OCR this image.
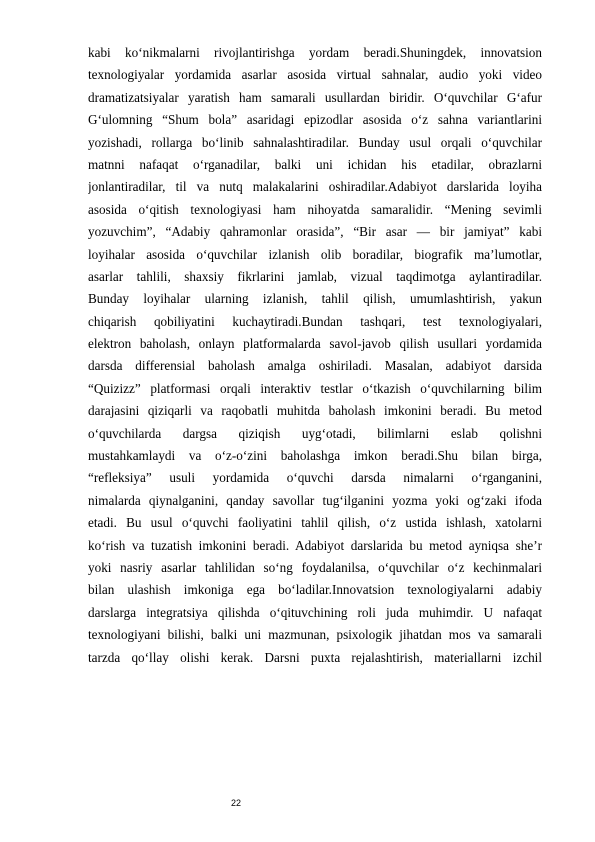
kabi ko‘nikmalarni rivojlantirishga yordam beradi.Shuningdek, innovatsion
texnologiyalar yordamida asarlar asosida virtual sahnalar, audio yoki video
dramatizatsiyalar yaratish ham samarali usullardan biridir. O‘quvchilar G‘afur
G‘ulomning “Shum bola” asaridagi epizodlar asosida o‘z sahna variantlarini
yozishadi, rollarga bo‘linib sahnalashtiradilar. Bunday usul orqali o‘quvchilar
matnni nafaqat o‘rganadilar, balki uni ichidan his etadilar, obrazlarni
jonlantiradilar, til va nutq malakalarini oshiradilar.Adabiyot darslarida loyiha
asosida o‘qitish texnologiyasi ham nihoyatda samaralidir. “Mening sevimli
yozuvchim”, “Adabiy qahramonlar orasida”, “Bir asar — bir jamiyat” kabi
loyihalar asosida o‘quvchilar izlanish olib boradilar, biografik ma’lumotlar,
asarlar tahlili, shaxsiy fikrlarini jamlab, vizual taqdimotga aylantiradilar.
Bunday loyihalar ularning izlanish, tahlil qilish, umumlashtirish, yakun
chiqarish qobiliyatini kuchaytiradi.Bundan tashqari, test texnologiyalari,
elektron baholash, onlayn platformalarda savol-javob qilish usullari yordamida
darsda differensial baholash amalga oshiriladi. Masalan, adabiyot darsida
“Quizizz” platformasi orqali interaktiv testlar o‘tkazish o‘quvchilarning bilim
darajasini qiziqarli va raqobatli muhitda baholash imkonini beradi. Bu metod
o‘quvchilarda dargsa qiziqish uyg‘otadi, bilimlarni eslab qolishni
mustahkamlaydi va o‘z-o‘zini baholashga imkon beradi.Shu bilan birga,
“refleksiya” usuli yordamida o‘quvchi darsda nimalarni o‘rganganini,
nimalarda qiynalganini, qanday savollar tug‘ilganini yozma yoki og‘zaki ifoda
etadi. Bu usul o‘quvchi faoliyatini tahlil qilish, o‘z ustida ishlash, xatolarni
ko‘rish va tuzatish imkonini beradi. Adabiyot darslarida bu metod ayniqsa she’r
yoki nasriy asarlar tahlilidan so‘ng foydalanilsa, o‘quvchilar o‘z kechinmalari
bilan ulashish imkoniga ega bo‘ladilar.Innovatsion texnologiyalarni adabiy
darslarga integratsiya qilishda o‘qituvchining roli juda muhimdir. U nafaqat
texnologiyani bilishi, balki uni mazmunan, psixologik jihatdan mos va samarali
tarzda qo‘llay olishi kerak. Darsni puxta rejalashtirish, materiallarni izchil
22
